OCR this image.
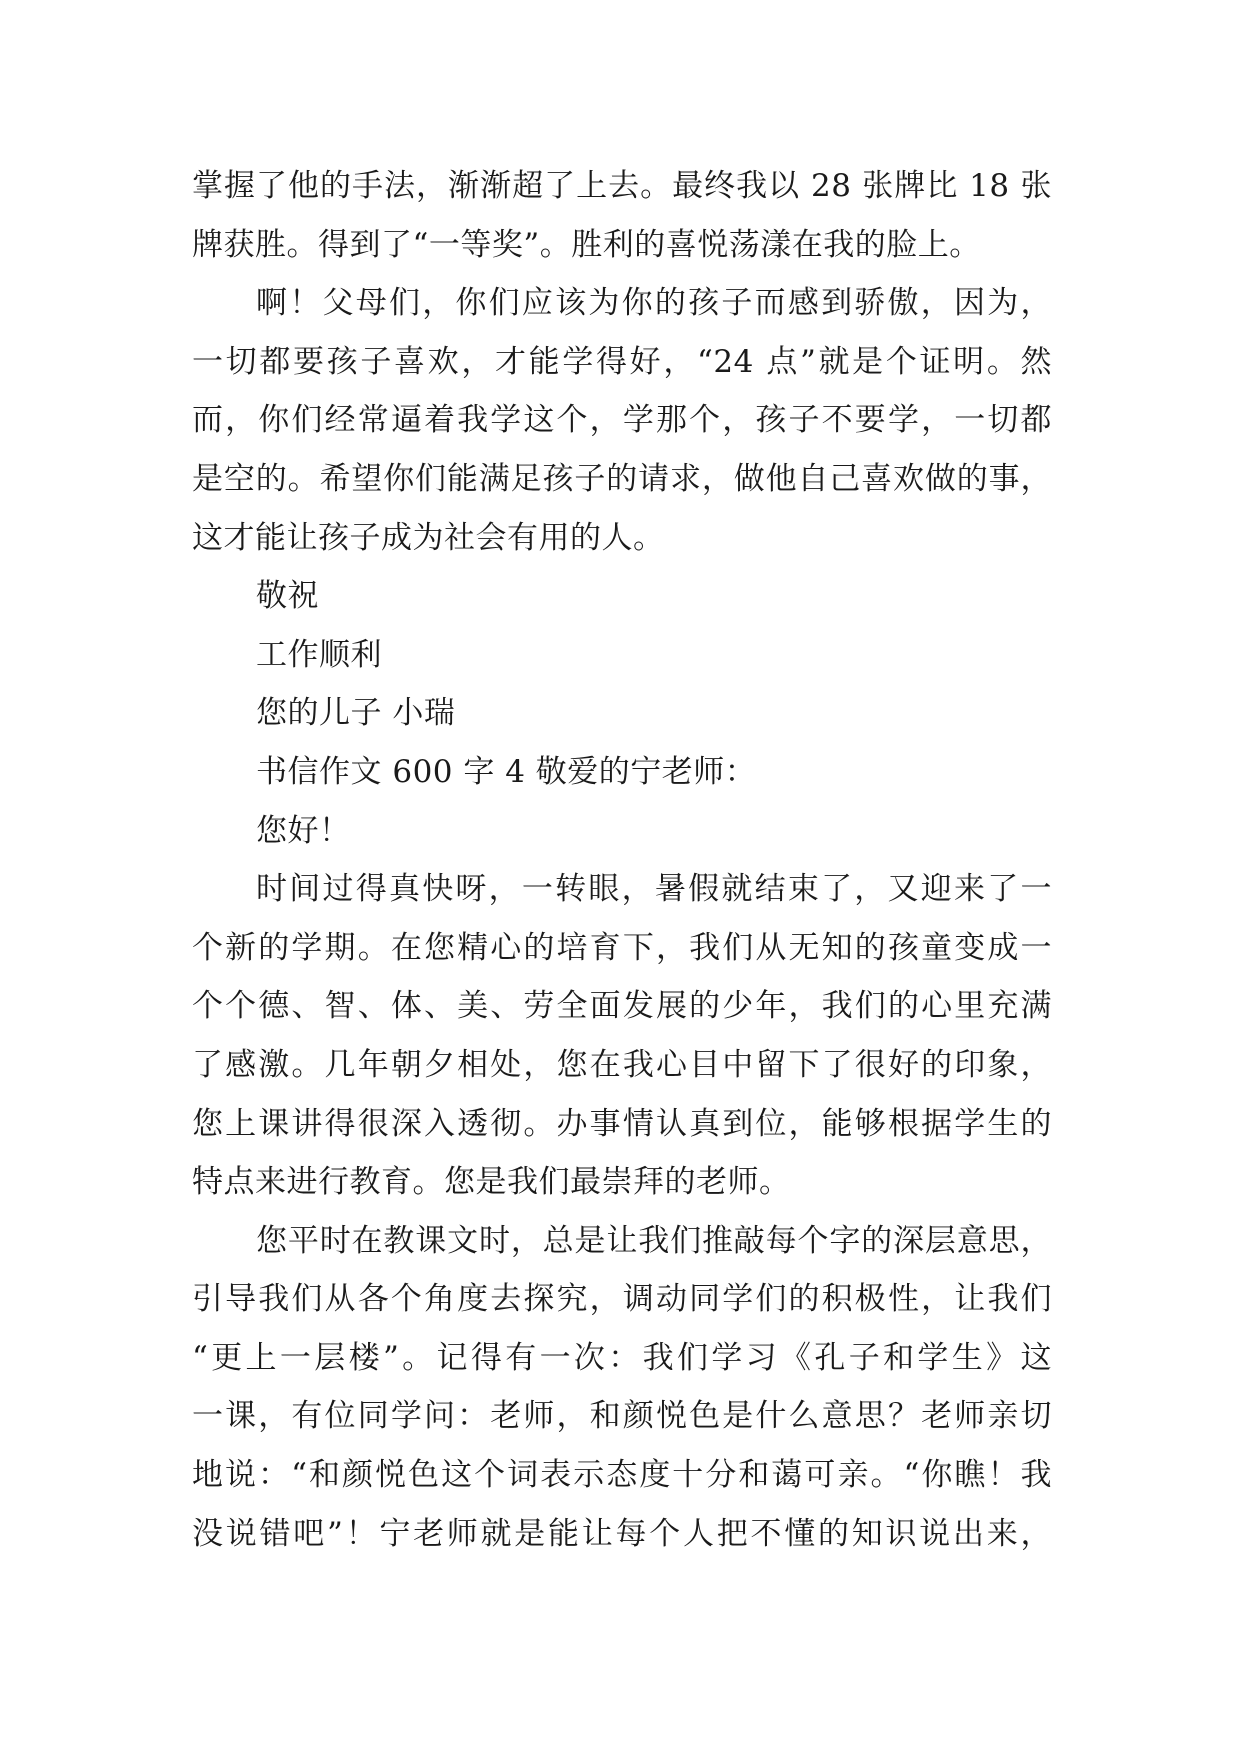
掌握了他的手法，渐渐超了上去。最终我以 28 张牌比 18 张
牌获胜。得到了“一等奖”。胜利的喜悦荡漾在我的脸上。
啊！父母们，你们应该为你的孩子而感到骄傲，因为，
一切都要孩子喜欢，才能学得好，“24 点”就是个证明。然
而，你们经常逼着我学这个，学那个，孩子不要学，一切都
是空的。希望你们能满足孩子的请求，做他自己喜欢做的事，
这才能让孩子成为社会有用的人。
敬祝
工作顺利
您的儿子 小瑞
书信作文 600 字 4 敬爱的宁老师：
您好！
时间过得真快呀，一转眼，暑假就结束了，又迎来了一
个新的学期。在您精心的培育下，我们从无知的孩童变成一
个个德、智、体、美、劳全面发展的少年，我们的心里充满
了感激。几年朝夕相处，您在我心目中留下了很好的印象，
您上课讲得很深入透彻。办事情认真到位，能够根据学生的
特点来进行教育。您是我们最崇拜的老师。
您平时在教课文时，总是让我们推敲每个字的深层意思，
引导我们从各个角度去探究，调动同学们的积极性，让我们
“更上一层楼”。记得有一次：我们学习《孔子和学生》这
一课，有位同学问：老师，和颜悦色是什么意思？老师亲切
地说：“和颜悦色这个词表示态度十分和蔼可亲。“你瞧！我
没说错吧”！宁老师就是能让每个人把不懂的知识说出来，
